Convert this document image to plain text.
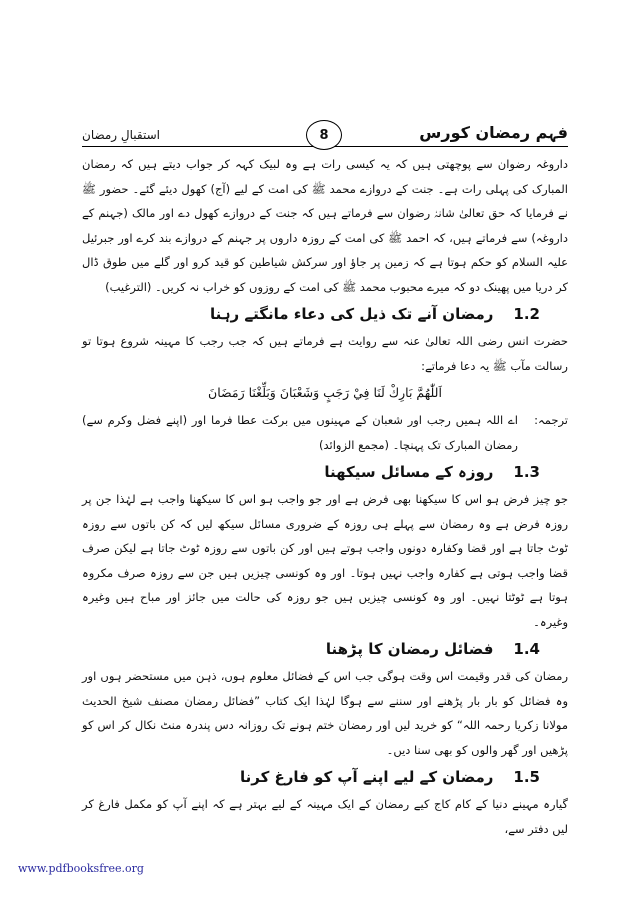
استقبالِ رمضان	فہم رمضان کورس
8

داروغہ رضوان سے پوچھتی ہیں کہ یہ کیسی رات ہے وہ لبیک کہہ کر جواب دیتے ہیں کہ رمضان المبارک کی پہلی رات ہے۔ جنت کے دروازے محمد ﷺ کی امت کے لیے (آج) کھول دیئے گئے۔ حضور ﷺ نے فرمایا کہ حق تعالیٰ شانہٗ رضوان سے فرماتے ہیں کہ جنت کے دروازے کھول دے اور مالک (جہنم کے داروغہ) سے فرماتے ہیں، کہ احمد ﷺ کی امت کے روزہ داروں پر جہنم کے دروازے بند کرے اور جبرئیل علیہ السلام کو حکم ہوتا ہے کہ زمین پر جاؤ اور سرکش شیاطین کو قید کرو اور گلے میں طوق ڈال کر دریا میں پھینک دو کہ میرے محبوب محمد ﷺ کی امت کے روزوں کو خراب نہ کریں۔ (الترغیب)

1.2
رمضان آنے تک ذیل کی دعاء مانگتے رہنا

حضرت انس رضی اللہ تعالیٰ عنہ سے روایت ہے فرماتے ہیں کہ جب رجب کا مہینہ شروع ہوتا تو رسالت مآب ﷺ یہ دعا فرماتے:

اَللّٰهُمَّ بَارِكْ لَنَا فِيْ رَجَبٍ وَشَعْبَانَ وَبَلِّغْنَا رَمَضَانَ

ترجمہ:

اے اللہ ہمیں رجب اور شعبان کے مہینوں میں برکت عطا فرما اور (اپنے فضل وکرم سے) رمضان المبارک تک پہنچا۔ (مجمع الزوائد)

1.3
روزہ کے مسائل سیکھنا

جو چیز فرض ہو اس کا سیکھنا بھی فرض ہے اور جو واجب ہو اس کا سیکھنا واجب ہے لہٰذا جن پر روزہ فرض ہے وہ رمضان سے پہلے ہی روزہ کے ضروری مسائل سیکھ لیں کہ کن باتوں سے روزہ ٹوٹ جاتا ہے اور قضا وکفارہ دونوں واجب ہوتے ہیں اور کن باتوں سے روزہ ٹوٹ جاتا ہے لیکن صرف قضا واجب ہوتی ہے کفارہ واجب نہیں ہوتا۔ اور وہ کونسی چیزیں ہیں جن سے روزہ صرف مکروہ ہوتا ہے ٹوٹتا نہیں۔ اور وہ کونسی چیزیں ہیں جو روزہ کی حالت میں جائز اور مباح ہیں وغیرہ وغیرہ۔

1.4
فضائل رمضان کا پڑھنا

رمضان کی قدر وقیمت اس وقت ہوگی جب اس کے فضائل معلوم ہوں، ذہن میں مستحضر ہوں اور وہ فضائل کو بار بار پڑھنے اور سننے سے ہوگا لہٰذا ایک کتاب ”فضائل رمضان مصنف شیخ الحدیث مولانا زکریا رحمہ اللہ“ کو خرید لیں اور رمضان ختم ہونے تک روزانہ دس پندرہ منٹ نکال کر اس کو پڑھیں اور گھر والوں کو بھی سنا دیں۔

1.5
رمضان کے لیے اپنے آپ کو فارغ کرنا

گیارہ مہینے دنیا کے کام کاج کیے رمضان کے ایک مہینہ کے لیے بہتر ہے کہ اپنے آپ کو مکمل فارغ کر لیں دفتر سے،

www.pdfbooksfree.org
